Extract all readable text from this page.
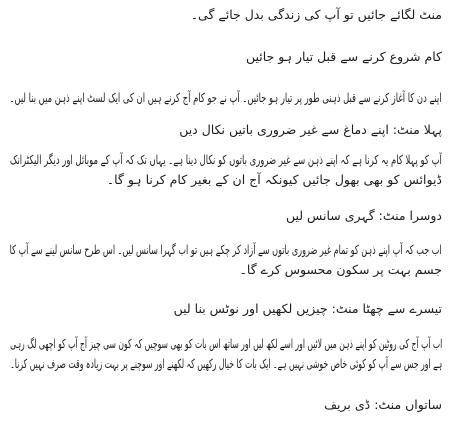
منٹ لگائے جائیں تو آپ کی زندگی بدل جائے گی۔
کام شروع کرنے سے قبل تیار ہو جائیں
اپنے دن کا آغاز کرنے سے قبل ذہنی طور پر تیار ہو جائیں۔ آپ نے جو کام آج کرنے ہیں ان کی ایک لسٹ اپنے ذہن میں بنا لیں۔
پہلا منٹ: اپنے دماغ سے غیر ضروری باتیں نکال دیں
آپ کو پہلا کام یہ کرنا ہے کہ اپنے ذہن سے غیر ضروری باتوں کو نکال دینا ہے۔ یہاں تک کہ آپ کے موبائل اور دیگر الیکٹرانک
ڈیوائس کو بھی بھول جائیں کیونکہ آج ان کے بغیر کام کرنا ہو گا۔
دوسرا منٹ: گہری سانس لیں
اب جب کہ آپ اپنے ذہن کو تمام غیر ضروری باتوں سے آزاد کر چکے ہیں تو اب گہرا سانس لیں۔ اس طرح سانس لینے سے آپ کا
جسم بہت پر سکون محسوس کرے گا۔
تیسرے سے چھٹا منٹ: چیزیں لکھیں اور نوٹس بنا لیں
اب آپ آج کی روٹین کو اپنے ذہن میں لائیں اور اسے لکھ لیں اور ساتھ اس بات کو بھی سوچیں کہ کون سی چیز آج آپ کو اچھی لگ رہی
ہے اور جس سے آپ کو کوئی خاص خوشی نہیں ہے۔ ایک بات کا خیال رکھیں کہ لکھنے اور سوچنے پر بہت زیادہ وقت صرف نہیں کرنا۔
ساتواں منٹ: ڈی بریف
